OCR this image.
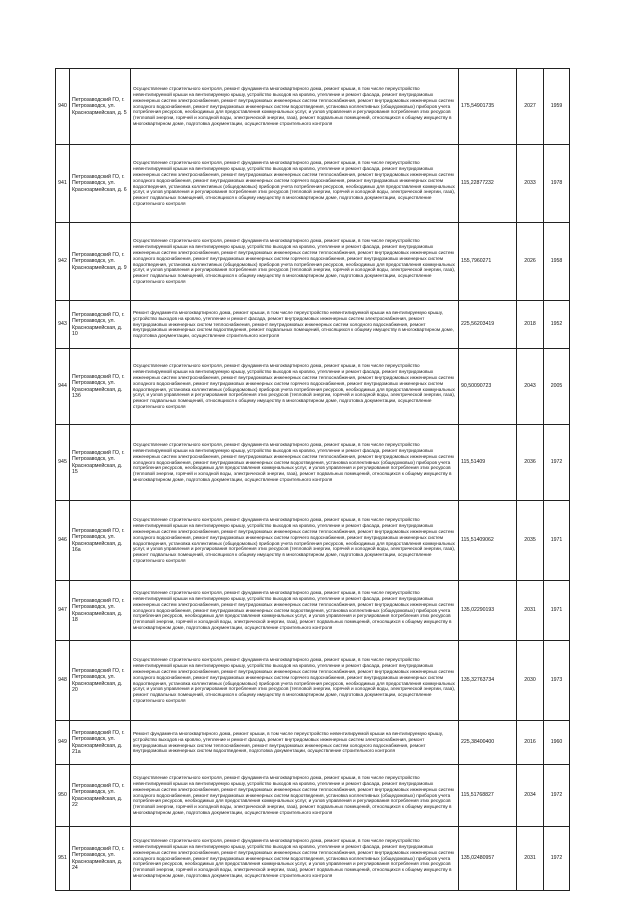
940	Петрозаводский ГО, г. Петрозаводск, ул. Красноармейская, д. 5	Осуществление строительного контроля, ремонт фундамента многоквартирного дома, ремонт крыши, в том числе переустройство невентилируемой крыши на вентилируемую крышу, устройство выходов на кровлю, утепление и ремонт фасада, ремонт внутридомовых инженерных систем электроснабжения, ремонт внутридомовых инженерных систем теплоснабжения, ремонт внутридомовых инженерных систем холодного водоснабжения, ремонт внутридомовых инженерных систем водоотведения, установка коллективных (общедомовых) приборов учета потребления ресурсов, необходимых для предоставления коммунальных услуг, и узлов управления и регулирования потребления этих ресурсов (тепловой энергии, горячей и холодной воды, электрической энергии, газа), ремонт подвальных помещений, относящихся к общему имуществу в многоквартирном доме, подготовка документации, осуществление строительного контроля	175,54901735	2027	1959
941	Петрозаводский ГО, г. Петрозаводск, ул. Красноармейская, д. 6	Осуществление строительного контроля, ремонт фундамента многоквартирного дома, ремонт крыши, в том числе переустройство невентилируемой крыши на вентилируемую крышу, устройство выходов на кровлю, утепление и ремонт фасада, ремонт внутридомовых инженерных систем электроснабжения, ремонт внутридомовых инженерных систем теплоснабжения, ремонт внутридомовых инженерных систем холодного водоснабжения, ремонт внутридомовых инженерных систем горячего водоснабжения, ремонт внутридомовых инженерных систем водоотведения, установка коллективных (общедомовых) приборов учета потребления ресурсов, необходимых для предоставления коммунальных услуг, и узлов управления и регулирования потребления этих ресурсов (тепловой энергии, горячей и холодной воды, электрической энергии, газа), ремонт подвальных помещений, относящихся к общему имуществу в многоквартирном доме, подготовка документации, осуществление строительного контроля	115,22877232	2033	1978
942	Петрозаводский ГО, г. Петрозаводск, ул. Красноармейская, д. 9	Осуществление строительного контроля, ремонт фундамента многоквартирного дома, ремонт крыши, в том числе переустройство невентилируемой крыши на вентилируемую крышу, устройство выходов на кровлю, утепление и ремонт фасада, ремонт внутридомовых инженерных систем электроснабжения, ремонт внутридомовых инженерных систем теплоснабжения, ремонт внутридомовых инженерных систем холодного водоснабжения, ремонт внутридомовых инженерных систем горячего водоснабжения, ремонт внутридомовых инженерных систем водоотведения, установка коллективных (общедомовых) приборов учета потребления ресурсов, необходимых для предоставления коммунальных услуг, и узлов управления и регулирования потребления этих ресурсов (тепловой энергии, горячей и холодной воды, электрической энергии, газа), ремонт подвальных помещений, относящихся к общему имуществу в многоквартирном доме, подготовка документации, осуществление строительного контроля	155,7960271	2026	1958
943	Петрозаводский ГО, г. Петрозаводск, ул. Красноармейская, д. 10	Ремонт фундамента многоквартирного дома, ремонт крыши, в том числе переустройство невентилируемой крыши на вентилируемую крышу, устройство выходов на кровлю, утепление и ремонт фасада, ремонт внутридомовых инженерных систем электроснабжения, ремонт внутридомовых инженерных систем теплоснабжения, ремонт внутридомовых инженерных систем холодного водоснабжения, ремонт внутридомовых инженерных систем водоотведения, ремонт подвальных помещений, относящихся к общему имуществу в многоквартирном доме, подготовка документации, осуществление строительного контроля	225,56203419	2018	1952
944	Петрозаводский ГО, г. Петрозаводск, ул. Красноармейская, д. 13б	Осуществление строительного контроля, ремонт фундамента многоквартирного дома, ремонт крыши, в том числе переустройство невентилируемой крыши на вентилируемую крышу, устройство выходов на кровлю, утепление и ремонт фасада, ремонт внутридомовых инженерных систем электроснабжения, ремонт внутридомовых инженерных систем теплоснабжения, ремонт внутридомовых инженерных систем холодного водоснабжения, ремонт внутридомовых инженерных систем горячего водоснабжения, ремонт внутридомовых инженерных систем водоотведения, установка коллективных (общедомовых) приборов учета потребления ресурсов, необходимых для предоставления коммунальных услуг, и узлов управления и регулирования потребления этих ресурсов (тепловой энергии, горячей и холодной воды, электрической энергии, газа), ремонт подвальных помещений, относящихся к общему имуществу в многоквартирном доме, подготовка документации, осуществление строительного контроля	90,50090723	2043	2005
945	Петрозаводский ГО, г. Петрозаводск, ул. Красноармейская, д. 15	Осуществление строительного контроля, ремонт фундамента многоквартирного дома, ремонт крыши, в том числе переустройство невентилируемой крыши на вентилируемую крышу, устройство выходов на кровлю, утепление и ремонт фасада, ремонт внутридомовых инженерных систем электроснабжения, ремонт внутридомовых инженерных систем теплоснабжения, ремонт внутридомовых инженерных систем холодного водоснабжения, ремонт внутридомовых инженерных систем водоотведения, установка коллективных (общедомовых) приборов учета потребления ресурсов, необходимых для предоставления коммунальных услуг, и узлов управления и регулирования потребления этих ресурсов (тепловой энергии, горячей и холодной воды, электрической энергии, газа), ремонт подвальных помещений, относящихся к общему имуществу в многоквартирном доме, подготовка документации, осуществление строительного контроля	115,51409	2036	1972
946	Петрозаводский ГО, г. Петрозаводск, ул. Красноармейская, д. 16а	Осуществление строительного контроля, ремонт фундамента многоквартирного дома, ремонт крыши, в том числе переустройство невентилируемой крыши на вентилируемую крышу, устройство выходов на кровлю, утепление и ремонт фасада, ремонт внутридомовых инженерных систем электроснабжения, ремонт внутридомовых инженерных систем теплоснабжения, ремонт внутридомовых инженерных систем холодного водоснабжения, ремонт внутридомовых инженерных систем горячего водоснабжения, ремонт внутридомовых инженерных систем водоотведения, установка коллективных (общедомовых) приборов учета потребления ресурсов, необходимых для предоставления коммунальных услуг, и узлов управления и регулирования потребления этих ресурсов (тепловой энергии, горячей и холодной воды, электрической энергии, газа), ремонт подвальных помещений, относящихся к общему имуществу в многоквартирном доме, подготовка документации, осуществление строительного контроля	115,51409062	2035	1971
947	Петрозаводский ГО, г. Петрозаводск, ул. Красноармейская, д. 18	Осуществление строительного контроля, ремонт фундамента многоквартирного дома, ремонт крыши, в том числе переустройство невентилируемой крыши на вентилируемую крышу, устройство выходов на кровлю, утепление и ремонт фасада, ремонт внутридомовых инженерных систем электроснабжения, ремонт внутридомовых инженерных систем теплоснабжения, ремонт внутридомовых инженерных систем холодного водоснабжения, ремонт внутридомовых инженерных систем водоотведения, установка коллективных (общедомовых) приборов учета потребления ресурсов, необходимых для предоставления коммунальных услуг, и узлов управления и регулирования потребления этих ресурсов (тепловой энергии, горячей и холодной воды, электрической энергии, газа), ремонт подвальных помещений, относящихся к общему имуществу в многоквартирном доме, подготовка документации, осуществление строительного контроля	135,02290193	2031	1971
948	Петрозаводский ГО, г. Петрозаводск, ул. Красноармейская, д. 20	Осуществление строительного контроля, ремонт фундамента многоквартирного дома, ремонт крыши, в том числе переустройство невентилируемой крыши на вентилируемую крышу, устройство выходов на кровлю, утепление и ремонт фасада, ремонт внутридомовых инженерных систем электроснабжения, ремонт внутридомовых инженерных систем теплоснабжения, ремонт внутридомовых инженерных систем холодного водоснабжения, ремонт внутридомовых инженерных систем горячего водоснабжения, ремонт внутридомовых инженерных систем водоотведения, установка коллективных (общедомовых) приборов учета потребления ресурсов, необходимых для предоставления коммунальных услуг, и узлов управления и регулирования потребления этих ресурсов (тепловой энергии, горячей и холодной воды, электрической энергии, газа), ремонт подвальных помещений, относящихся к общему имуществу в многоквартирном доме, подготовка документации, осуществление строительного контроля	135,32763734	2030	1973
949	Петрозаводский ГО, г. Петрозаводск, ул. Красноармейская, д. 21а	Ремонт фундамента многоквартирного дома, ремонт крыши, в том числе переустройство невентилируемой крыши на вентилируемую крышу, устройство выходов на кровлю, утепление и ремонт фасада, ремонт внутридомовых инженерных систем электроснабжения, ремонт внутридомовых инженерных систем теплоснабжения, ремонт внутридомовых инженерных систем холодного водоснабжения, ремонт внутридомовых инженерных систем водоотведения, подготовка документации, осуществление строительного контроля	225,38400400	2016	1960
950	Петрозаводский ГО, г. Петрозаводск, ул. Красноармейская, д. 22	Осуществление строительного контроля, ремонт фундамента многоквартирного дома, ремонт крыши, в том числе переустройство невентилируемой крыши на вентилируемую крышу, устройство выходов на кровлю, утепление и ремонт фасада, ремонт внутридомовых инженерных систем электроснабжения, ремонт внутридомовых инженерных систем теплоснабжения, ремонт внутридомовых инженерных систем холодного водоснабжения, ремонт внутридомовых инженерных систем водоотведения, установка коллективных (общедомовых) приборов учета потребления ресурсов, необходимых для предоставления коммунальных услуг, и узлов управления и регулирования потребления этих ресурсов (тепловой энергии, горячей и холодной воды, электрической энергии, газа), ремонт подвальных помещений, относящихся к общему имуществу в многоквартирном доме, подготовка документации, осуществление строительного контроля	115,51768827	2034	1972
951	Петрозаводский ГО, г. Петрозаводск, ул. Красноармейская, д. 24	Осуществление строительного контроля, ремонт фундамента многоквартирного дома, ремонт крыши, в том числе переустройство невентилируемой крыши на вентилируемую крышу, устройство выходов на кровлю, утепление и ремонт фасада, ремонт внутридомовых инженерных систем электроснабжения, ремонт внутридомовых инженерных систем теплоснабжения, ремонт внутридомовых инженерных систем холодного водоснабжения, ремонт внутридомовых инженерных систем водоотведения, установка коллективных (общедомовых) приборов учета потребления ресурсов, необходимых для предоставления коммунальных услуг, и узлов управления и регулирования потребления этих ресурсов (тепловой энергии, горячей и холодной воды, электрической энергии, газа), ремонт подвальных помещений, относящихся к общему имуществу в многоквартирном доме, подготовка документации, осуществление строительного контроля	135,02480957	2031	1972
